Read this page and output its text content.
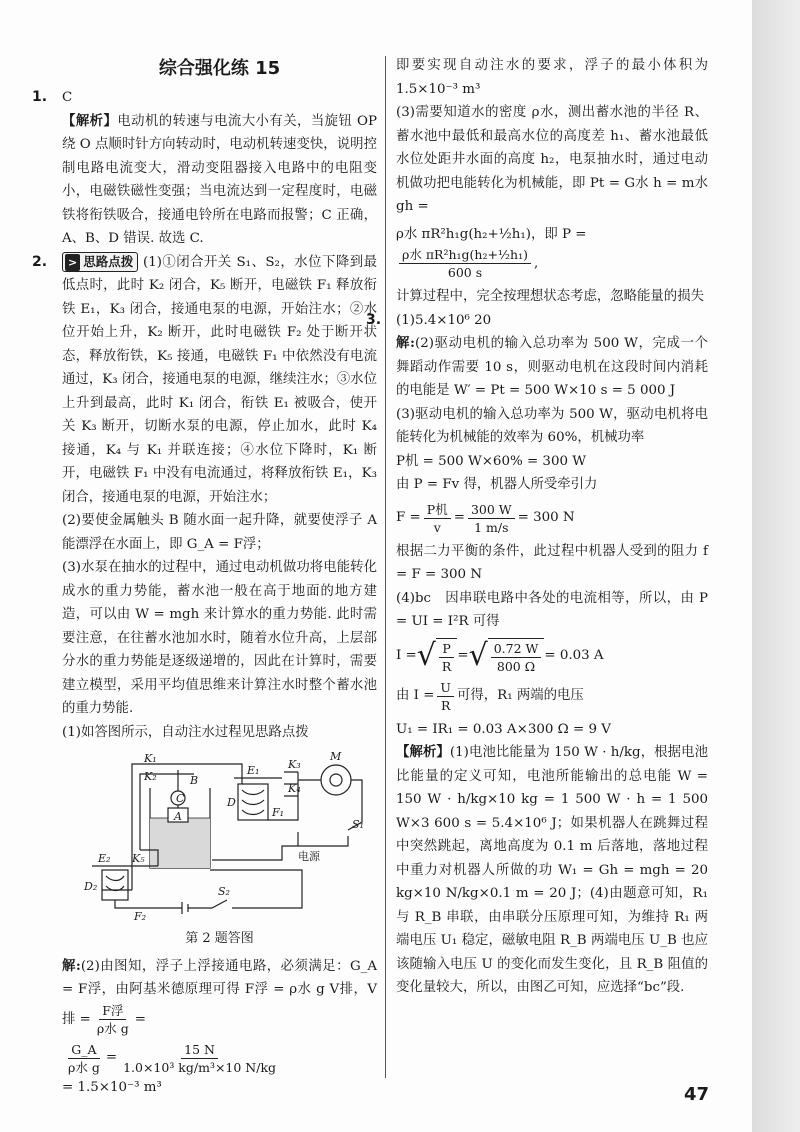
综合强化练 15
1. C

【解析】电动机的转速与电流大小有关，当旋钮 OP 绕 O 点顺时针方向转动时，电动机转速变快，说明控制电路电流变大，滑动变阻器接入电路中的电阻变小，电磁铁磁性变强；当电流达到一定程度时，电磁铁将衔铁吸合，接通电铃所在电路而报警；C 正确，A、B、D 错误. 故选 C.

2.	> 思路点拨 (1)①闭合开关 S₁、S₂，水位下降到最低点时，此时 K₂ 闭合，K₅ 断开，电磁铁 F₁ 释放衔铁 E₁，K₃ 闭合，接通电泵的电源，开始注水；②水位开始上升，K₂ 断开，此时电磁铁 F₂ 处于断开状态，释放衔铁，K₅ 接通，电磁铁 F₁ 中依然没有电流通过，K₃ 闭合，接通电泵的电源，继续注水；③水位上升到最高，此时 K₁ 闭合，衔铁 E₁ 被吸合，使开关 K₃ 断开，切断水泵的电源，停止加水，此时 K₄ 接通，K₄ 与 K₁ 并联连接；④水位下降时，K₁ 断开，电磁铁 F₁ 中没有电流通过，将释放衔铁 E₁，K₃ 闭合，接通电泵的电源，开始注水；

(2)要使金属触头 B 随水面一起升降，就要使浮子 A 能漂浮在水面上，即 G_A = F浮；

(3)水泵在抽水的过程中，通过电动机做功将电能转化成水的重力势能，蓄水池一般在高于地面的地方建造，可以由 W = mgh 来计算水的重力势能. 此时需要注意，在往蓄水池加水时，随着水位升高，上层部分水的重力势能是逐级递增的，因此在计算时，需要建立模型，采用平均值思维来计算注水时整个蓄水池的重力势能.

(1)如答图所示，自动注水过程见思路点拨

K₁
K₂	B
C
A
E₁	K₃
K₄
M
D
F₁
S₁
电源
E₂ K₅
D₂
F₂
S₂
第 2 题答图

解:(2)由图知，浮子上浮接通电路，必须满足：G_A = F浮，由阿基米德原理可得 F浮 = ρ水 g V排，V排 = $\frac{\text{F浮}}{\text{ρ水 g}}$ =

$\frac{G\_A}{\text{ρ水 g}} = \frac{15 N}{\text{1.0×10³ kg/m³×10 N/kg}}$
= 1.5×10⁻³ m³

即要实现自动注水的要求，浮子的最小体积为 1.5×10⁻³ m³

(3)需要知道水的密度 ρ水，测出蓄水池的半径 R、蓄水池中最低和最高水位的高度差 h₁、蓄水池最低水位处距井水面的高度 h₂，电泵抽水时，通过电动机做功把电能转化为机械能，即 Pt = G水 h = m水 gh =

ρ水 πR²h₁g(h₂+½h₁)，即 P =
$\frac{\text{ρ水 πR²h₁g(h₂+½h₁)}}{600 s}$ ,

计算过程中，完全按理想状态考虑，忽略能量的损失

3. (1)5.4×10⁶ 20

解:(2)驱动电机的输入总功率为 500 W，完成一个舞蹈动作需要 10 s，则驱动电机在这段时间内消耗的电能是 W′ = Pt = 500 W×10 s = 5 000 J

(3)驱动电机的输入总功率为 500 W，驱动电机将电能转化为机械能的效率为 60%，机械功率

P机 = 500 W×60% = 300 W

由 P = Fv 得，机器人所受牵引力

$F = \frac{\text{P机}}{v} = \frac{300 W}{1 m/s} = 300$ N

根据二力平衡的条件，此过程中机器人受到的阻力 f = F = 300 N

(4)bc　因串联电路中各处的电流相等，所以，由 P = UI = I²R 可得

I = √ $\frac{P}{R}$ = √ $\frac{0.72 W}{800 \Omega} = 0.03$ A
由 $I = \frac{U}{R}$ 可得，R₁ 两端的电压

U₁ = IR₁ = 0.03 A×300 Ω = 9 V

【解析】(1)电池比能量为 150 W · h/kg，根据电池比能量的定义可知，电池所能输出的总电能 W = 150 W · h/kg×10 kg = 1 500 W · h = 1 500 W×3 600 s = 5.4×10⁶ J；如果机器人在跳舞过程中突然跳起，离地高度为 0.1 m 后落地，落地过程中重力对机器人所做的功 W₁ = Gh = mgh = 20 kg×10 N/kg×0.1 m = 20 J；(4)由题意可知，R₁ 与 R_B 串联，由串联分压原理可知，为维持 R₁ 两端电压 U₁ 稳定，磁敏电阻 R_B 两端电压 U_B 也应该随输入电压 U 的变化而发生变化，且 R_B 阻值的变化量较大，所以，由图乙可知，应选择“bc”段.

47
